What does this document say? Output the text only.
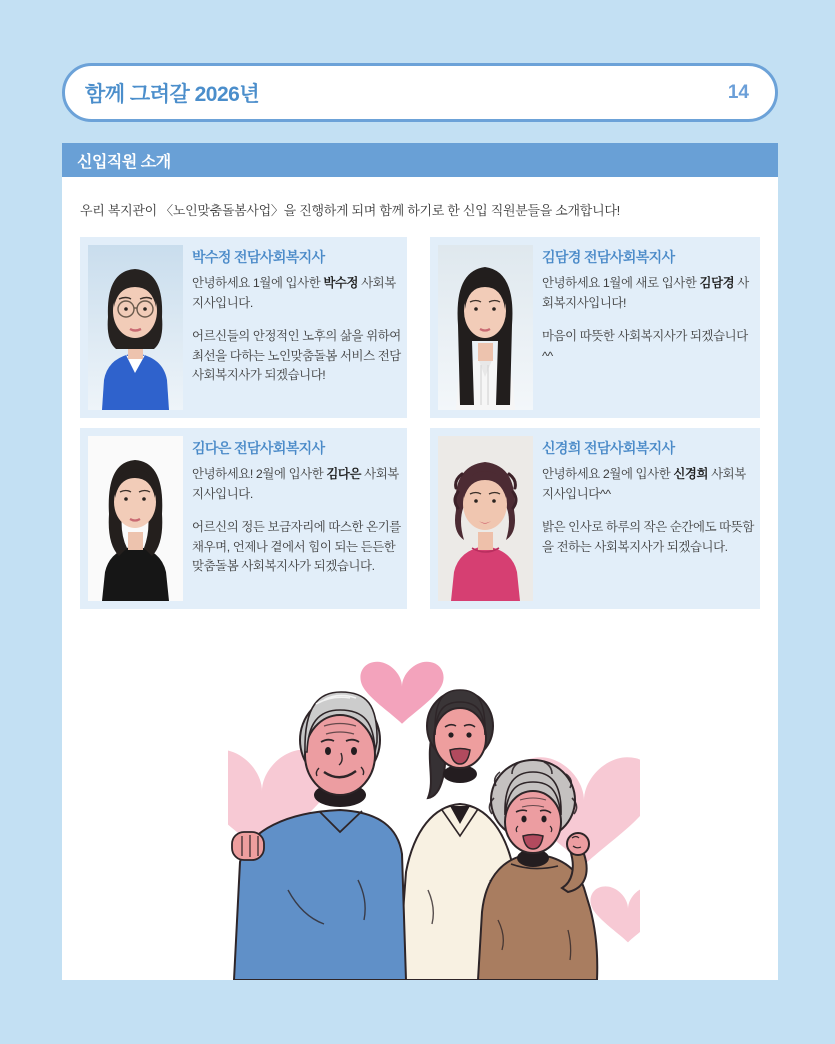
함께 그려갈 2026년	14
신입직원 소개

우리 복지관이 〈노인맞춤돌봄사업〉을 진행하게 되며 함께 하기로 한 신입 직원분들을 소개합니다!

박수정 전담사회복지사

안녕하세요 1월에 입사한 박수정 사회복지사입니다.

어르신들의 안정적인 노후의 삶을 위하여 최선을 다하는 노인맞춤돌봄 서비스 전담사회복지사가 되겠습니다!

김담경 전담사회복지사

안녕하세요 1월에 새로 입사한 김담경 사회복지사입니다!

마음이 따뜻한 사회복지사가 되겠습니다 ^^

김다은 전담사회복지사

안녕하세요! 2월에 입사한 김다은 사회복지사입니다.

어르신의 정든 보금자리에 따스한 온기를 채우며, 언제나 곁에서 힘이 되는 든든한 맞춤돌봄 사회복지사가 되겠습니다.

신경희 전담사회복지사

안녕하세요 2월에 입사한 신경희 사회복지사입니다^^

밝은 인사로 하루의 작은 순간에도 따뜻함을 전하는 사회복지사가 되겠습니다.
